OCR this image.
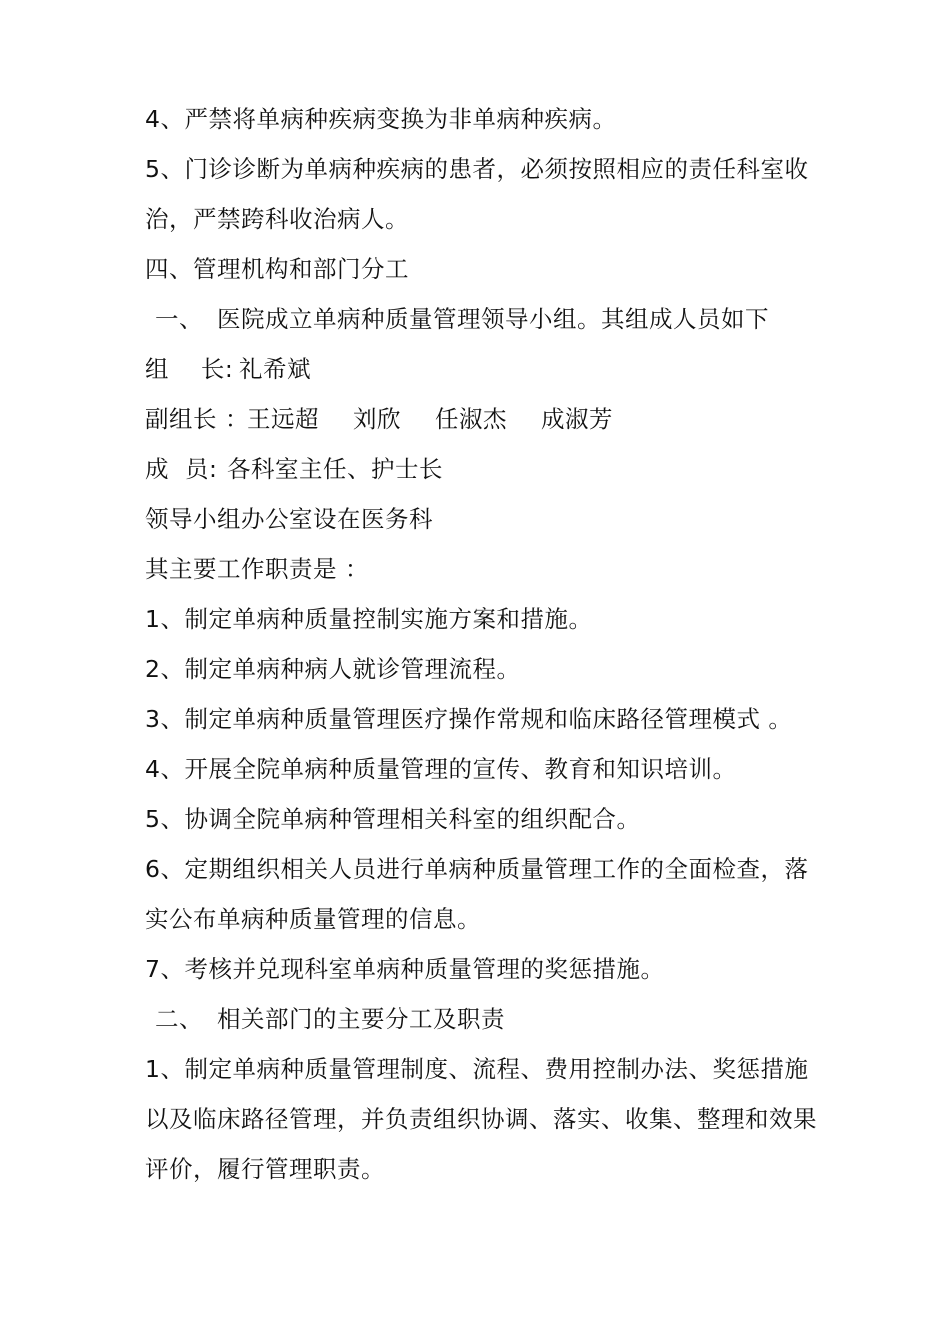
4、严禁将单病种疾病变换为非单病种疾病。
5、门诊诊断为单病种疾病的患者，必须按照相应的责任科室收
治，严禁跨科收治病人。
四、管理机构和部门分工
一、 医院成立单病种质量管理领导小组。其组成人员如下
组    长: 礼希斌
副组长 ：王远超 刘欣 任淑杰 成淑芳
成  员: 各科室主任、护士长
领导小组办公室设在医务科
其主要工作职责是 ：
1、制定单病种质量控制实施方案和措施。
2、制定单病种病人就诊管理流程。
3、制定单病种质量管理医疗操作常规和临床路径管理模式 。
4、开展全院单病种质量管理的宣传、教育和知识培训。
5、协调全院单病种管理相关科室的组织配合。
6、定期组织相关人员进行单病种质量管理工作的全面检查，落
实公布单病种质量管理的信息。
7、考核并兑现科室单病种质量管理的奖惩措施。
二、 相关部门的主要分工及职责
1、制定单病种质量管理制度、流程、费用控制办法、奖惩措施
以及临床路径管理，并负责组织协调、落实、收集、整理和效果
评价，履行管理职责。
